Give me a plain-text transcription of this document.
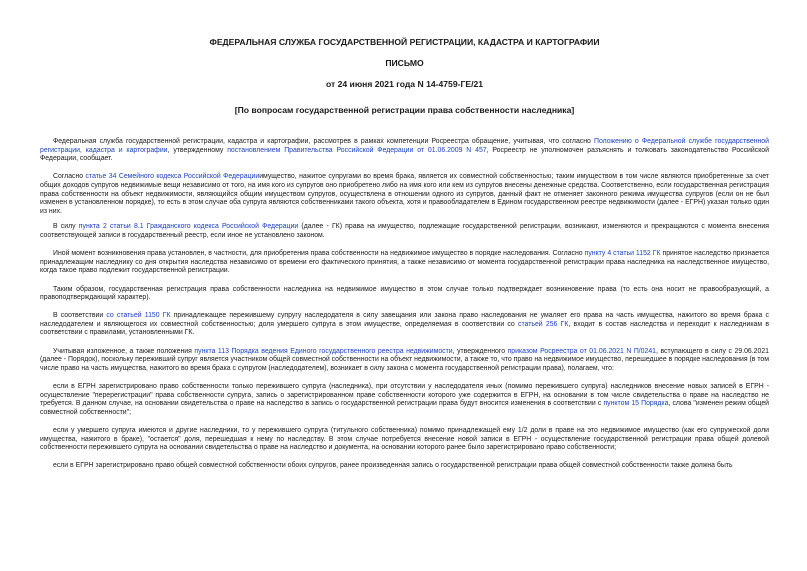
ФЕДЕРАЛЬНАЯ СЛУЖБА ГОСУДАРСТВЕННОЙ РЕГИСТРАЦИИ, КАДАСТРА И КАРТОГРАФИИ
ПИСЬМО
от 24 июня 2021 года N 14-4759-ГЕ/21
[По вопросам государственной регистрации права собственности наследника]

Федеральная служба государственной регистрации, кадастра и картографии, рассмотрев в рамках компетенции Росреестра обращение, учитывая, что согласно Положению о Федеральной службе государственной регистрации, кадастра и картографии, утвержденному постановлением Правительства Российской Федерации от 01.06.2009 N 457, Росреестр не уполномочен разъяснять и толковать законодательство Российской Федерации, сообщает.

Согласно статье 34 Семейного кодекса Российской Федерацииимущество, нажитое супругами во время брака, является их совместной собственностью; таким имуществом в том числе являются приобретенные за счет общих доходов супругов недвижимые вещи независимо от того, на имя кого из супругов оно приобретено либо на имя кого или кем из супругов внесены денежные средства. Соответственно, если государственная регистрация права собственности на объект недвижимости, являющийся общим имуществом супругов, осуществлена в отношении одного из супругов, данный факт не отменяет законного режима имущества супругов (если он не был изменен в установленном порядке), то есть в этом случае оба супруга являются собственниками такого объекта, хотя и правообладателем в Едином государственном реестре недвижимости (далее - ЕГРН) указан только один из них.

В силу пункта 2 статьи 8.1 Гражданского кодекса Российской Федерации (далее - ГК) права на имущество, подлежащие государственной регистрации, возникают, изменяются и прекращаются с момента внесения соответствующей записи в государственный реестр, если иное не установлено законом.

Иной момент возникновения права установлен, в частности, для приобретения права собственности на недвижимое имущество в порядке наследования. Согласно пункту 4 статьи 1152 ГК принятое наследство признается принадлежащим наследнику со дня открытия наследства независимо от времени его фактического принятия, а также независимо от момента государственной регистрации права наследника на наследственное имущество, когда такое право подлежит государственной регистрации.

Таким образом, государственная регистрация права собственности наследника на недвижимое имущество в этом случае только подтверждает возникновение права (то есть она носит не правообразующий, а правоподтверждающий характер).

В соответствии со статьей 1150 ГК принадлежащее пережившему супругу наследодателя в силу завещания или закона право наследования не умаляет его права на часть имущества, нажитого во время брака с наследодателем и являющегося их совместной собственностью; доля умершего супруга в этом имуществе, определяемая в соответствии со статьей 256 ГК, входит в состав наследства и переходит к наследникам в соответствии с правилами, установленными ГК.

Учитывая изложенное, а также положения пункта 113 Порядка ведения Единого государственного реестра недвижимости, утвержденного приказом Росреестра от 01.06.2021 N П/0241, вступающего в силу с 29.06.2021 (далее - Порядок), поскольку переживший супруг является участником общей совместной собственности на объект недвижимости, а также то, что право на недвижимое имущество, перешедшее в порядке наследования (в том числе право на часть имущества, нажитого во время брака с супругом (наследодателем), возникает в силу закона с момента государственной регистрации права), полагаем, что:

если в ЕГРН зарегистрировано право собственности только пережившего супруга (наследника), при отсутствии у наследодателя иных (помимо пережившего супруга) наследников внесение новых записей в ЕГРН - осуществление "перерегистрации" права собственности супруга, запись о зарегистрированном праве собственности которого уже содержится в ЕГРН, на основании в том числе свидетельства о праве на наследство не требуется. В данном случае, на основании свидетельства о праве на наследство в запись о государственной регистрации права будут вносится изменения в соответствии с пунктом 15 Порядка, слова "изменен режим общей совместной собственности";

если у умершего супруга имеются и другие наследники, то у пережившего супруга (титульного собственника) помимо принадлежащей ему 1/2 доли в праве на это недвижимое имущество (как его супружеской доли имущества, нажитого в браке), "остается" доля, перешедшая к нему по наследству. В этом случае потребуется внесение новой записи в ЕГРН - осуществление государственной регистрации права общей долевой собственности пережившего супруга на основании свидетельства о праве на наследство и документа, на основании которого ранее было зарегистрировано право собственности;

если в ЕГРН зарегистрировано право общей совместной собственности обоих супругов, ранее произведенная запись о государственной регистрации права общей совместной собственности также должна быть
